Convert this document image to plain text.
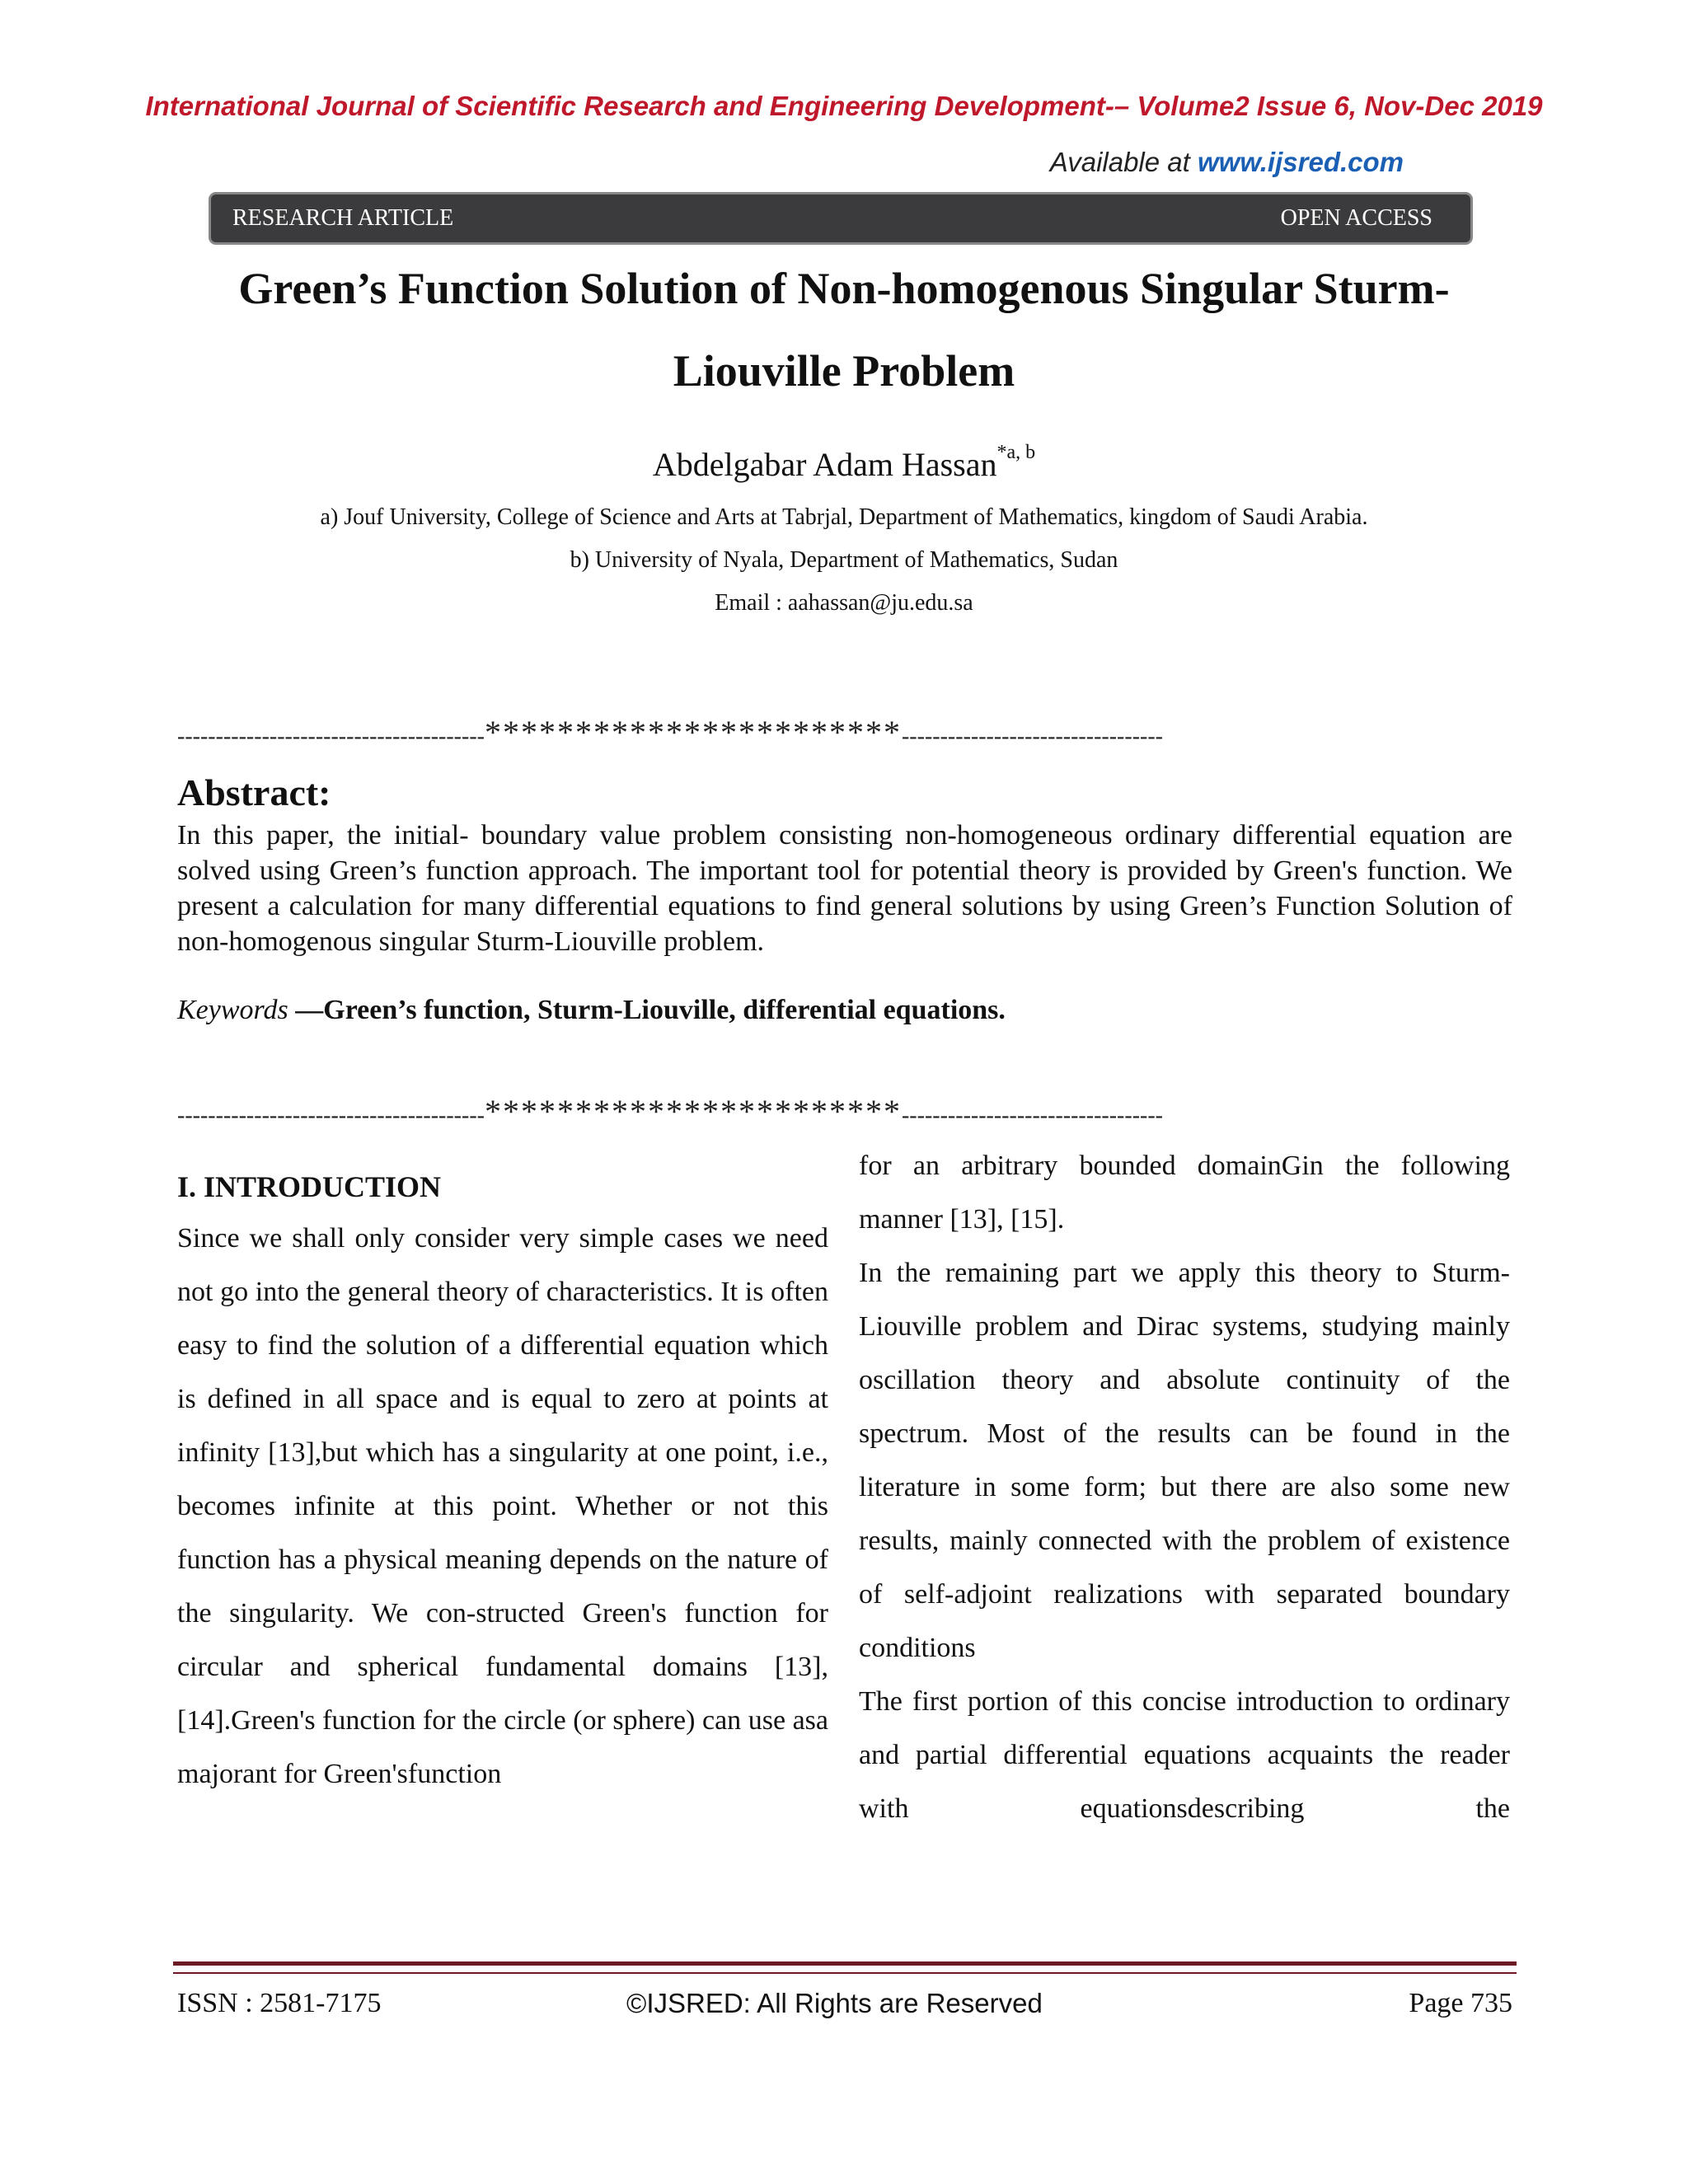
International Journal of Scientific Research and Engineering Development-– Volume2 Issue 6, Nov-Dec 2019
Available at www.ijsred.com
RESEARCH ARTICLE	OPEN ACCESS
Green’s Function Solution of Non-homogenous Singular Sturm-
Liouville Problem
Abdelgabar Adam Hassan$^{*a, b}$
a) Jouf University, College of Science and Arts at Tabrjal, Department of Mathematics, kingdom of Saudi Arabia.
b) University of Nyala, Department of Mathematics, Sudan
Email : aahassan@ju.edu.sa
----------------------------------------***********************----------------------------------
Abstract:
In this paper, the initial- boundary value problem consisting non-homogeneous ordinary differential equation are solved using Green’s function approach. The important tool for potential theory is provided by Green's function. We present a calculation for many differential equations to find general solutions by using Green’s Function Solution of non-homogenous singular Sturm-Liouville problem.
Keywords —Green’s function, Sturm-Liouville, differential equations.
----------------------------------------***********************----------------------------------
I. INTRODUCTION

Since we shall only consider very simple cases we need not go into the general theory of characteristics. It is often easy to find the solution of a differential equation which is defined in all space and is equal to zero at points at infinity [13],but which has a singularity at one point, i.e., becomes infinite at this point. Whether or not this function has a physical meaning depends on the nature of the singularity. We con-structed Green's function for circular and spherical fundamental domains [13], [14].Green's function for the circle (or sphere) can use asa majorant for Green'sfunction

for an arbitrary bounded domainGin the following manner [13], [15].

In the remaining part we apply this theory to Sturm-Liouville problem and Dirac systems, studying mainly oscillation theory and absolute continuity of the spectrum. Most of the results can be found in the literature in some form; but there are also some new results, mainly connected with the problem of existence of self-adjoint realizations with separated boundary conditions

The first portion of this concise introduction to ordinary and partial differential equations acquaints the reader with equationsdescribing the

ISSN : 2581-7175	©IJSRED: All Rights are Reserved	Page 735
